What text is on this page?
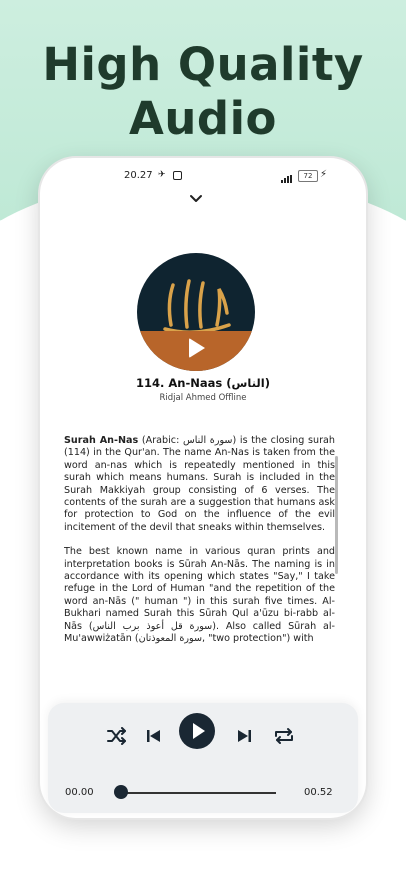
High Quality
Audio
20.27 ✈	72 ⚡
114. An-Naas (الناس)
Ridjal Ahmed Offline

Surah An-Nas (Arabic: سورة الناس) is the closing surah (114) in the Qur'an. The name An-Nas is taken from the word an-nas which is repeatedly mentioned in this surah which means humans. Surah is included in the Surah Makkiyah group consisting of 6 verses. The contents of the surah are a suggestion that humans ask for protection to God on the influence of the evil incitement of the devil that sneaks within themselves.

The best known name in various quran prints and interpretation books is Sūrah An-Nās. The naming is in accordance with its opening which states "Say," I take refuge in the Lord of Human "and the repetition of the word an-Nās (" human ") in this surah five times. Al-Bukhari named Surah this Sūrah Qul a'ūzu bi-rabb al-Nās (سورة قل أعوذ برب الناس). Also called Sūrah al-Mu'awwiżatān (سورة المعوذتان, "two protection") with

00.00	00.52
